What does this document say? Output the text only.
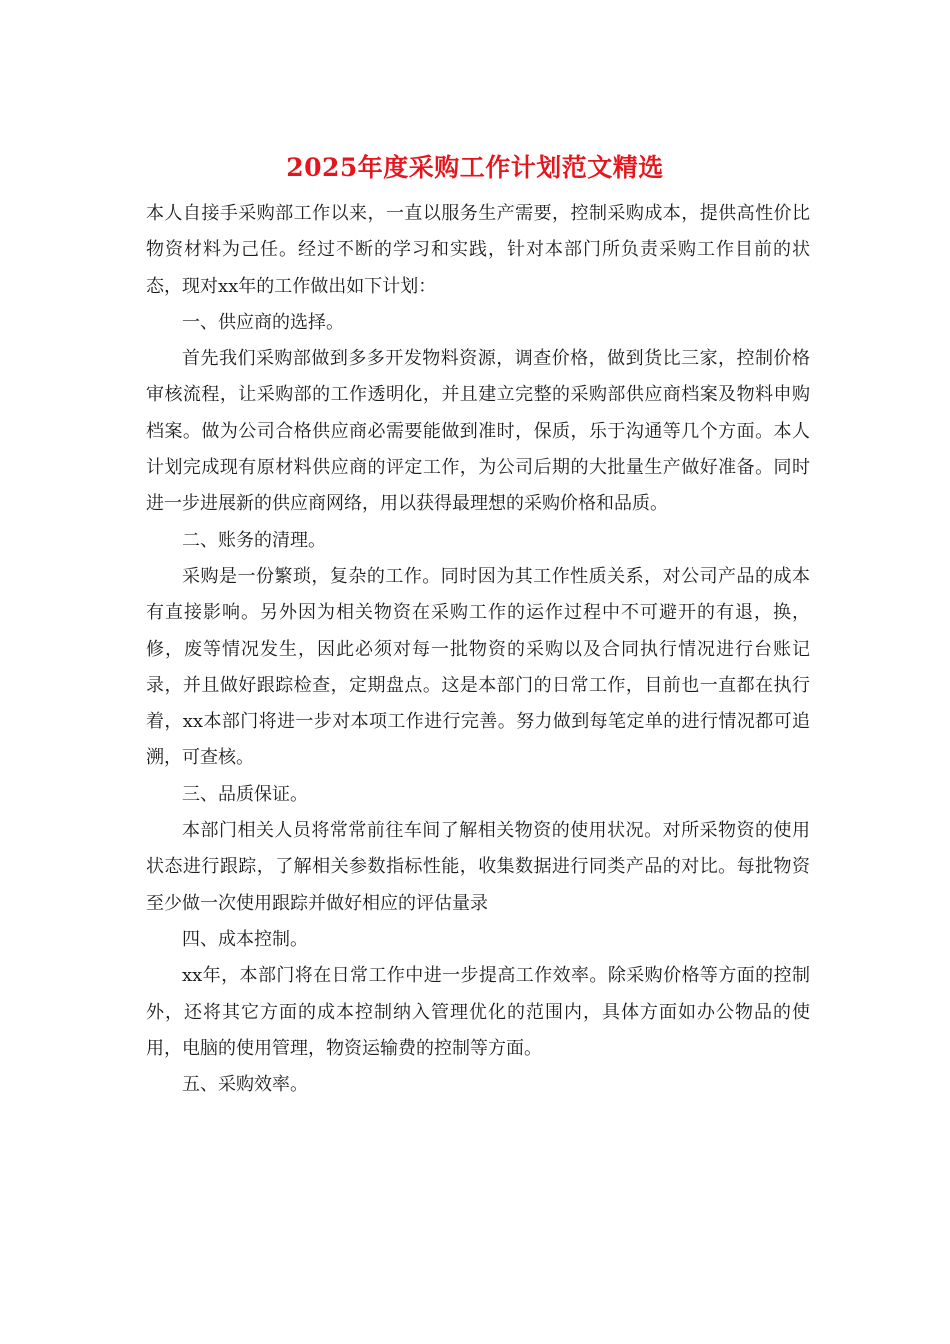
2025年度采购工作计划范文精选

本人自接手采购部工作以来，一直以服务生产需要，控制采购成本，提供高性价比物资材料为己任。经过不断的学习和实践，针对本部门所负责采购工作目前的状态，现对xx年的工作做出如下计划：

一、供应商的选择。

首先我们采购部做到多多开发物料资源，调查价格，做到货比三家，控制价格审核流程，让采购部的工作透明化，并且建立完整的采购部供应商档案及物料申购档案。做为公司合格供应商必需要能做到准时，保质，乐于沟通等几个方面。本人计划完成现有原材料供应商的评定工作，为公司后期的大批量生产做好准备。同时进一步进展新的供应商网络，用以获得最理想的采购价格和品质。

二、账务的清理。

采购是一份繁琐，复杂的工作。同时因为其工作性质关系，对公司产品的成本有直接影响。另外因为相关物资在采购工作的运作过程中不可避开的有退，换，修，废等情况发生，因此必须对每一批物资的采购以及合同执行情况进行台账记录，并且做好跟踪检查，定期盘点。这是本部门的日常工作，目前也一直都在执行着，xx本部门将进一步对本项工作进行完善。努力做到每笔定单的进行情况都可追溯，可查核。

三、品质保证。

本部门相关人员将常常前往车间了解相关物资的使用状况。对所采物资的使用状态进行跟踪，了解相关参数指标性能，收集数据进行同类产品的对比。每批物资至少做一次使用跟踪并做好相应的评估量录

四、成本控制。

xx年，本部门将在日常工作中进一步提高工作效率。除采购价格等方面的控制外，还将其它方面的成本控制纳入管理优化的范围内，具体方面如办公物品的使用，电脑的使用管理，物资运输费的控制等方面。

五、采购效率。
